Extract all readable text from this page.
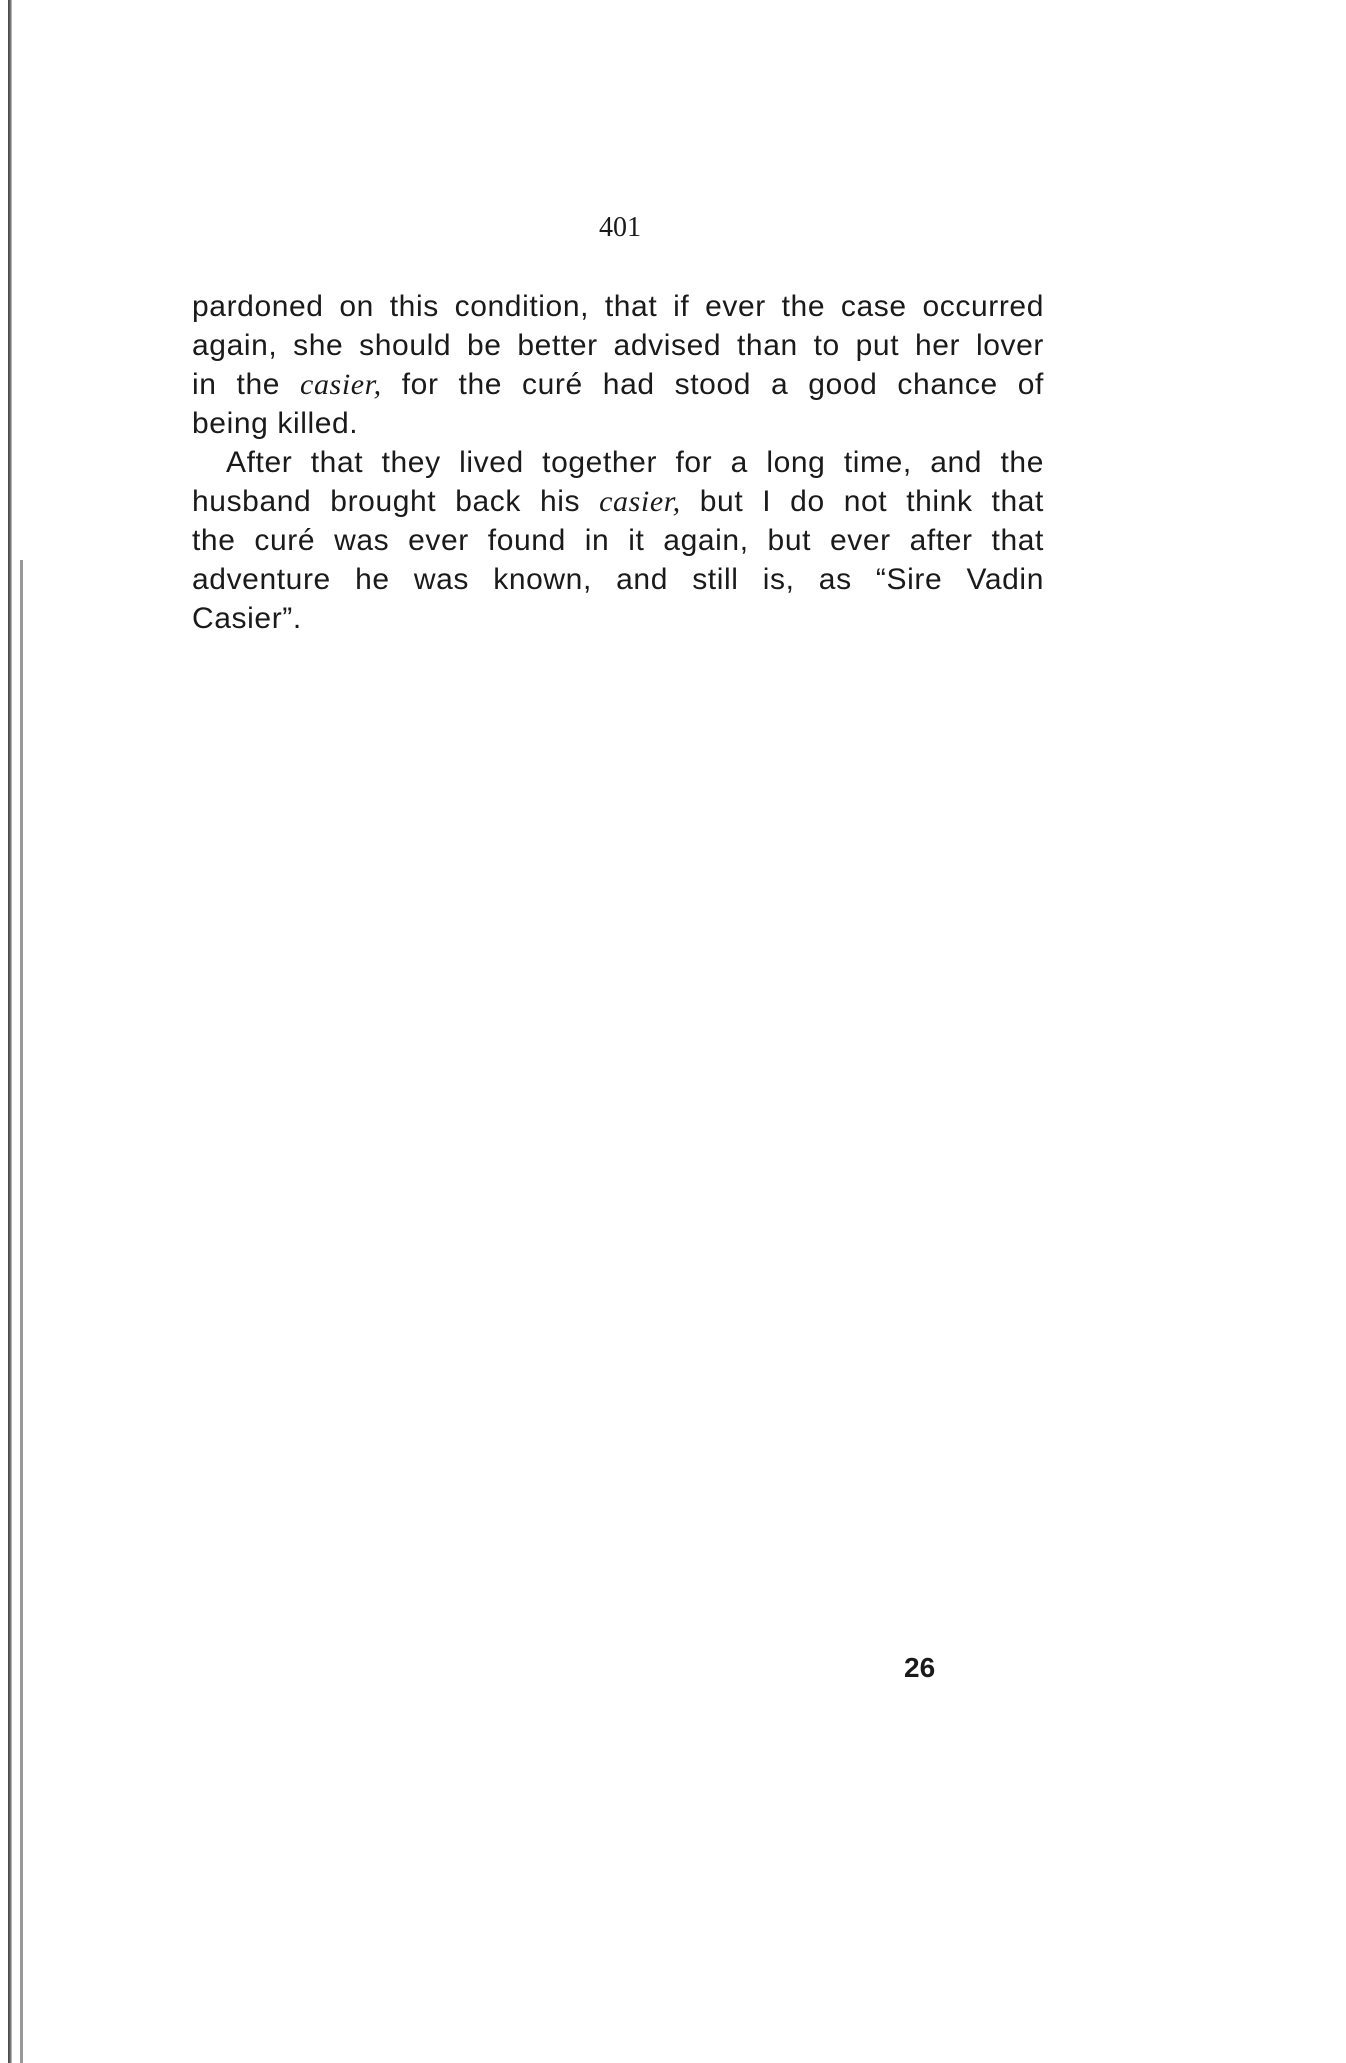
401
pardoned on this condition, that if ever the case occurred
again, she should be better advised than to put her lover
in the casier, for the curé had stood a good chance of
being killed.
After that they lived together for a long time, and the
husband brought back his casier, but I do not think that
the curé was ever found in it again, but ever after that
adventure he was known, and still is, as “Sire Vadin
Casier”.
26
